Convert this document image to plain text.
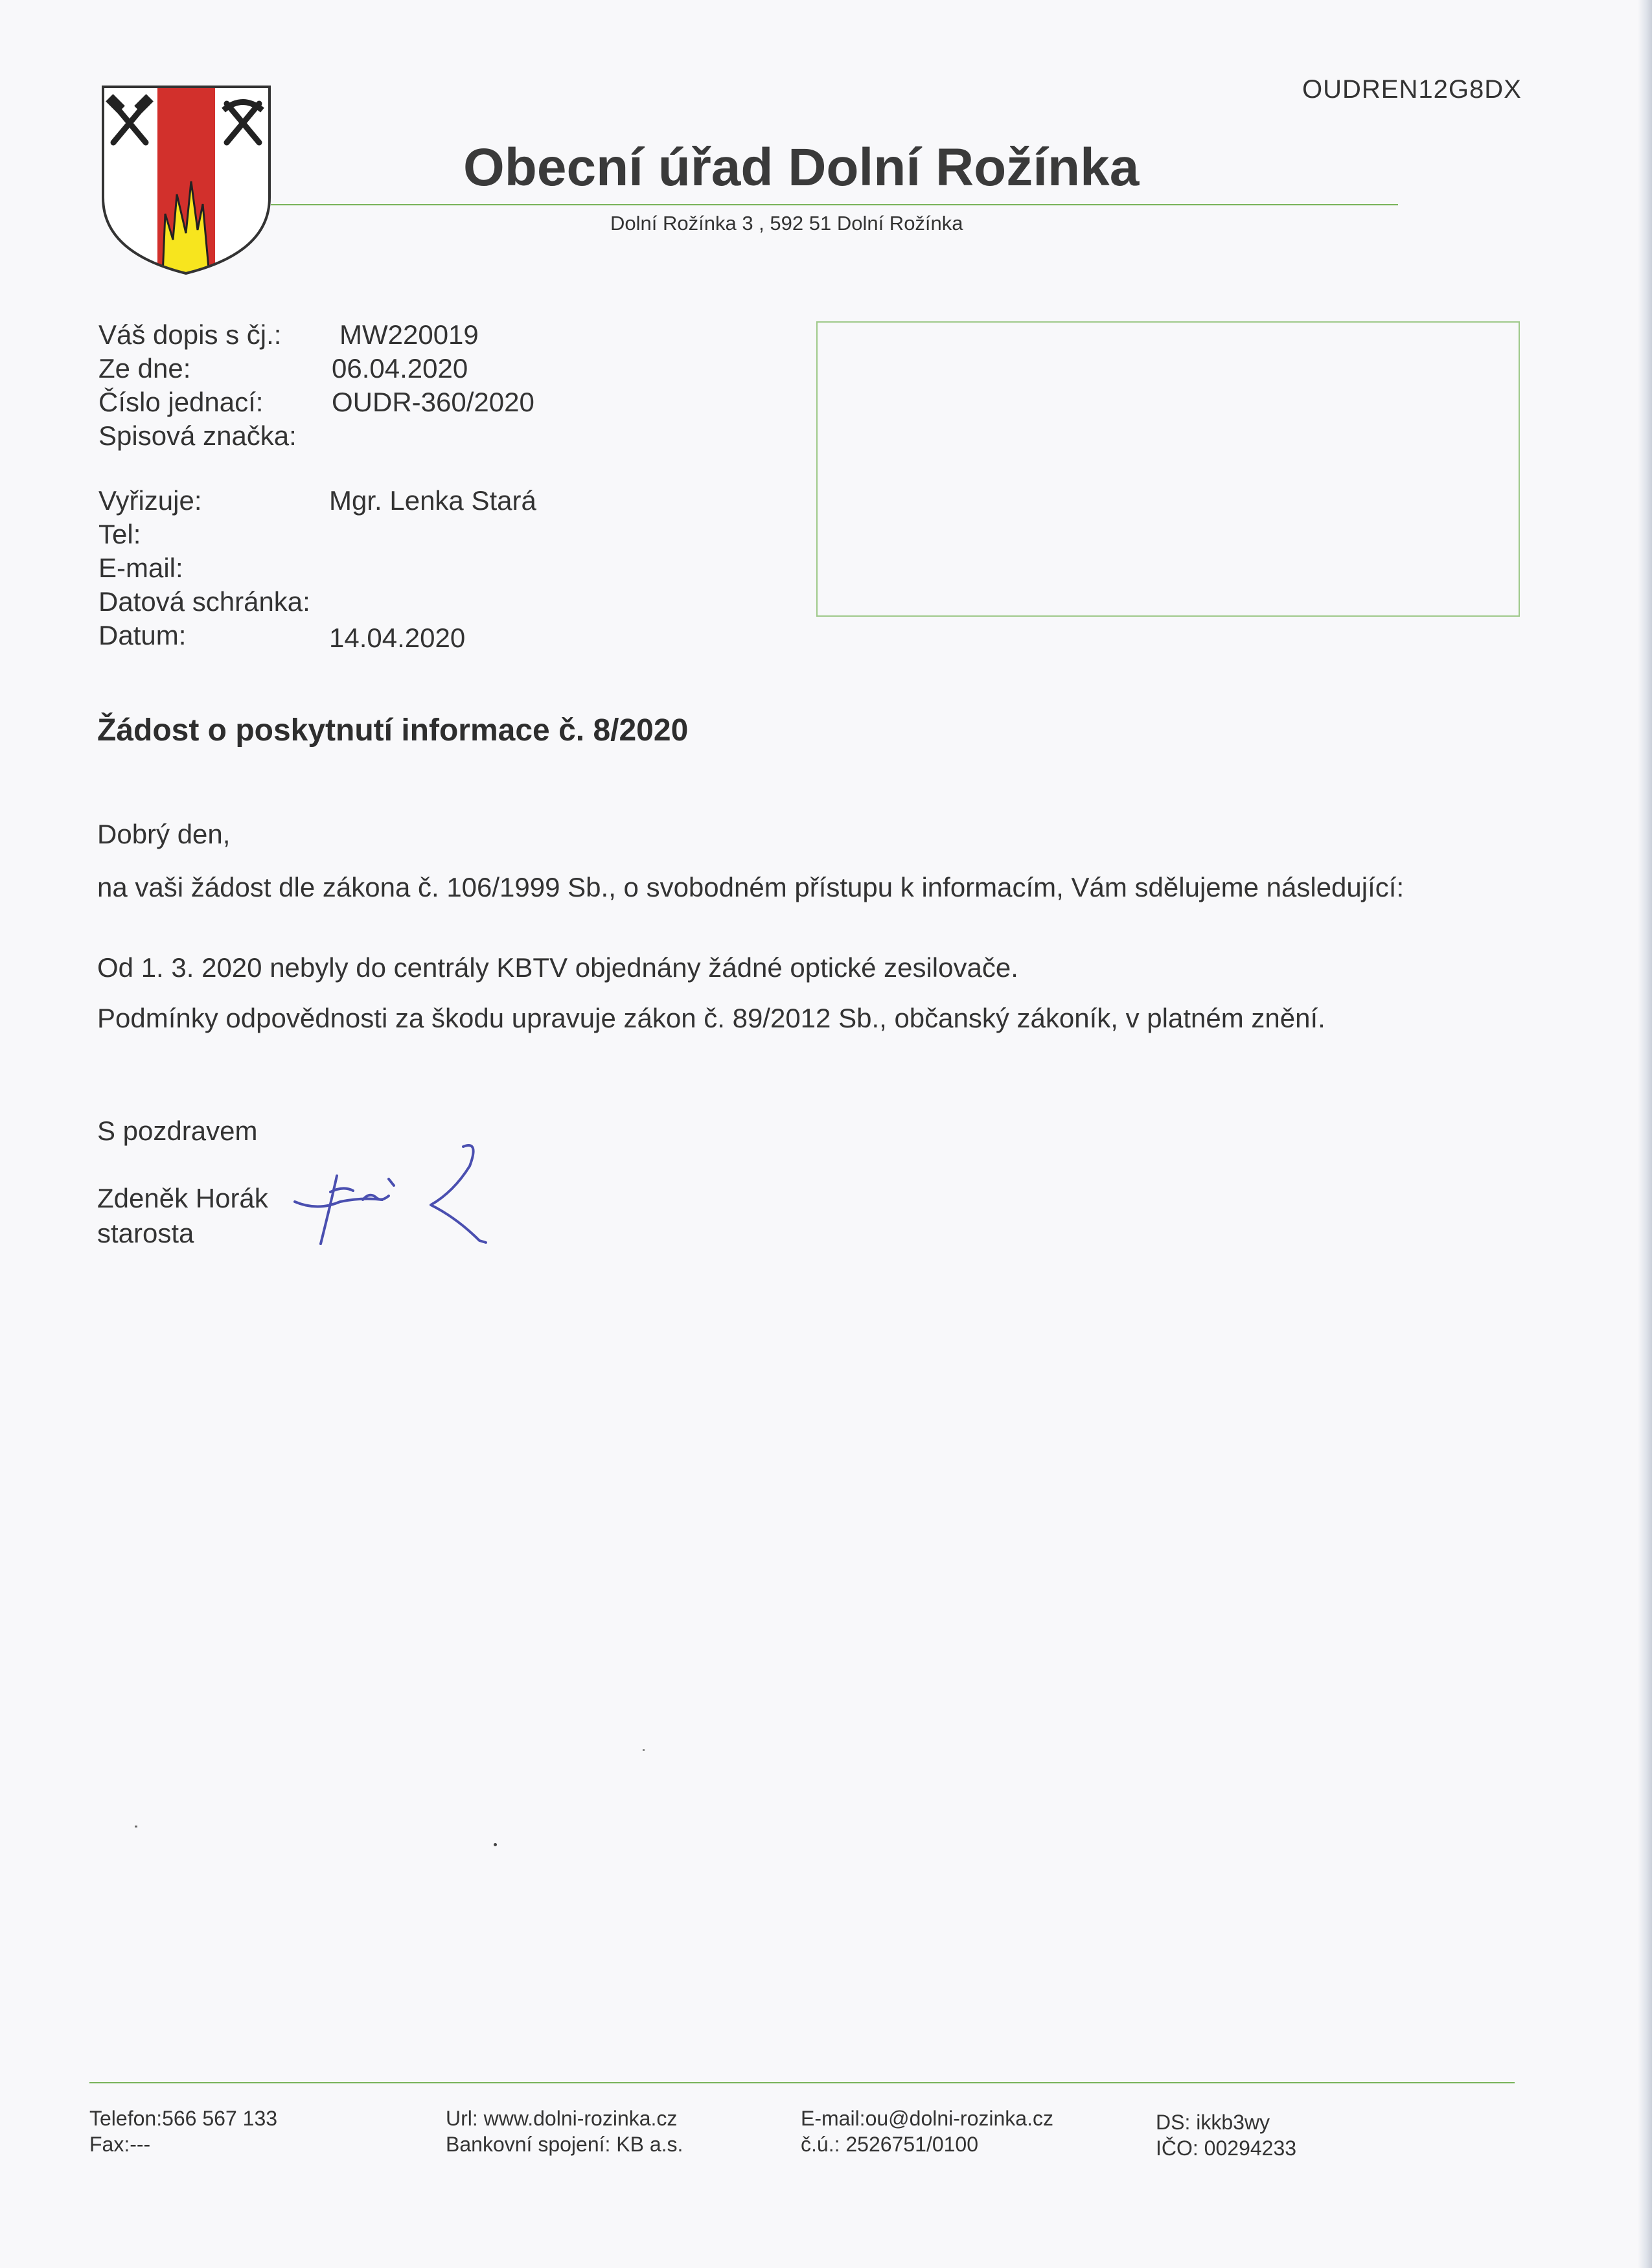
OUDREN12G8DX
Obecní úřad Dolní Rožínka
Dolní Rožínka 3 , 592 51 Dolní Rožínka
Váš dopis s čj.:
Ze dne:
Číslo jednací:
Spisová značka:
MW220019
06.04.2020
OUDR-360/2020
Vyřizuje:
Tel:
E-mail:
Datová schránka:
Datum:
Mgr. Lenka Stará
14.04.2020
Žádost o poskytnutí informace č. 8/2020
Dobrý den,
na vaši žádost dle zákona č. 106/1999 Sb., o svobodném přístupu k informacím, Vám sdělujeme následující:
Od 1. 3. 2020 nebyly do centrály KBTV objednány žádné optické zesilovače.
Podmínky odpovědnosti za škodu upravuje zákon č. 89/2012 Sb., občanský zákoník, v platném znění.
S pozdravem
Zdeněk Horák
starosta
Telefon:566 567 133
Fax:---
Url: www.dolni-rozinka.cz
Bankovní spojení: KB a.s.
E-mail:ou@dolni-rozinka.cz
č.ú.: 2526751/0100
DS: ikkb3wy
IČO: 00294233
